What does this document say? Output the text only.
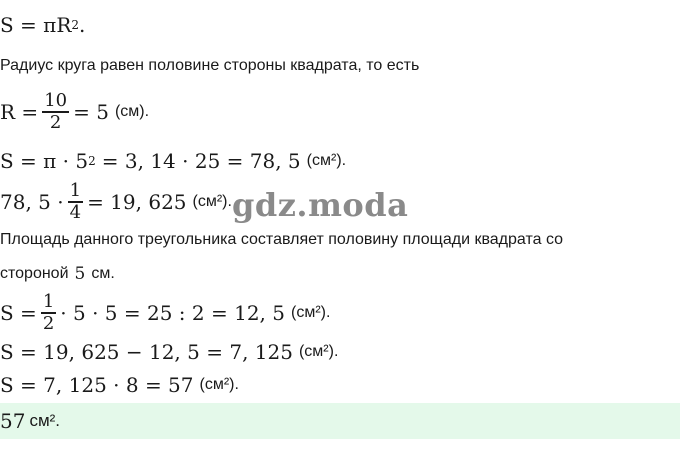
S = πR 2 .
Радиус круга равен половине стороны квадрата, то есть
$R = \frac{10}{2} = 5$ (см).
S = π · 5 2 = 3, 14 · 25 = 78, 5 (см²).
78, $5 \cdot \frac{1}{4} = 19$, 625 (см²). gdz.moda
Площадь данного треугольника составляет половину площади квадрата со
стороной 5 см.
$S = \frac{1}{2} \cdot 5 \cdot 5 = 25$ : 2 = 12, 5 (см²).
S = 19, 625 − 12, 5 = 7, 125 (см²).
S = 7, 125 · 8 = 57 (см²).
57 см².
